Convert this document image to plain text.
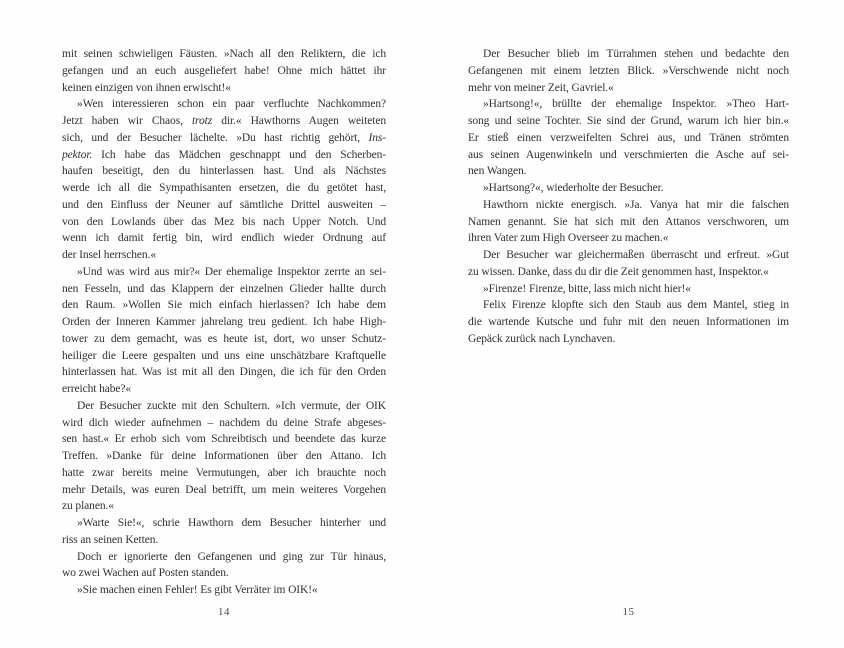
mit seinen schwieligen Fäusten. »Nach all den Reliktern, die ich
gefangen und an euch ausgeliefert habe! Ohne mich hättet ihr
keinen einzigen von ihnen erwischt!«
»Wen interessieren schon ein paar verfluchte Nachkommen?
Jetzt haben wir Chaos, trotz dir.« Hawthorns Augen weiteten
sich, und der Besucher lächelte. »Du hast richtig gehört, Ins-
pektor. Ich habe das Mädchen geschnappt und den Scherben-
haufen beseitigt, den du hinterlassen hast. Und als Nächstes
werde ich all die Sympathisanten ersetzen, die du getötet hast,
und den Einfluss der Neuner auf sämtliche Drittel ausweiten –
von den Lowlands über das Mez bis nach Upper Notch. Und
wenn ich damit fertig bin, wird endlich wieder Ordnung auf
der Insel herrschen.«
»Und was wird aus mir?« Der ehemalige Inspektor zerrte an sei-
nen Fesseln, und das Klappern der einzelnen Glieder hallte durch
den Raum. »Wollen Sie mich einfach hierlassen? Ich habe dem
Orden der Inneren Kammer jahrelang treu gedient. Ich habe High-
tower zu dem gemacht, was es heute ist, dort, wo unser Schutz-
heiliger die Leere gespalten und uns eine unschätzbare Kraftquelle
hinterlassen hat. Was ist mit all den Dingen, die ich für den Orden
erreicht habe?«
Der Besucher zuckte mit den Schultern. »Ich vermute, der OIK
wird dich wieder aufnehmen – nachdem du deine Strafe abgeses-
sen hast.« Er erhob sich vom Schreibtisch und beendete das kurze
Treffen. »Danke für deine Informationen über den Attano. Ich
hatte zwar bereits meine Vermutungen, aber ich brauchte noch
mehr Details, was euren Deal betrifft, um mein weiteres Vorgehen
zu planen.«
»Warte Sie!«, schrie Hawthorn dem Besucher hinterher und
riss an seinen Ketten.
Doch er ignorierte den Gefangenen und ging zur Tür hinaus,
wo zwei Wachen auf Posten standen.
»Sie machen einen Fehler! Es gibt Verräter im OIK!«
Der Besucher blieb im Türrahmen stehen und bedachte den
Gefangenen mit einem letzten Blick. »Verschwende nicht noch
mehr von meiner Zeit, Gavriel.«
»Hartsong!«, brüllte der ehemalige Inspektor. »Theo Hart-
song und seine Tochter. Sie sind der Grund, warum ich hier bin.«
Er stieß einen verzweifelten Schrei aus, und Tränen strömten
aus seinen Augenwinkeln und verschmierten die Asche auf sei-
nen Wangen.
»Hartsong?«, wiederholte der Besucher.
Hawthorn nickte energisch. »Ja. Vanya hat mir die falschen
Namen genannt. Sie hat sich mit den Attanos verschworen, um
ihren Vater zum High Overseer zu machen.«
Der Besucher war gleichermaßen überrascht und erfreut. »Gut
zu wissen. Danke, dass du dir die Zeit genommen hast, Inspektor.«
»Firenze! Firenze, bitte, lass mich nicht hier!«
Felix Firenze klopfte sich den Staub aus dem Mantel, stieg in
die wartende Kutsche und fuhr mit den neuen Informationen im
Gepäck zurück nach Lynchaven.
14	15
